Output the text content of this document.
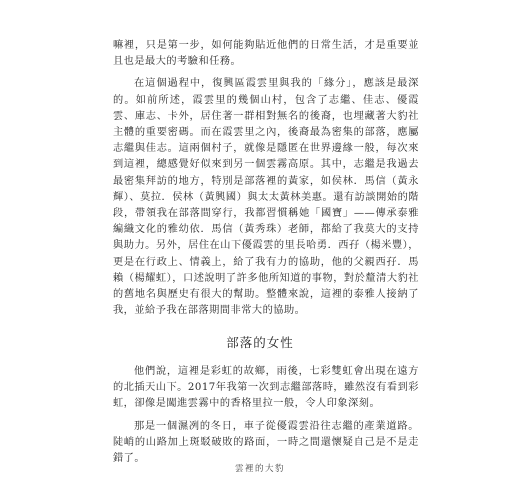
嘛裡，只是第一步，如何能夠貼近他們的日常生活，才是重要並且也是最大的考驗和任務。

在這個過程中，復興區霞雲里與我的「緣分」，應該是最深的。如前所述，霞雲里的幾個山村，包含了志繼、佳志、優霞雲、庫志、卡外，居住著一群相對無名的後裔，也埋藏著大豹社主體的重要密碼。而在霞雲里之內，後裔最為密集的部落，應屬志繼與佳志。這兩個村子，就像是隱匿在世界邊緣一般，每次來到這裡，總感覺好似來到另一個雲霧高原。其中，志繼是我過去最密集拜訪的地方，特別是部落裡的黃家，如侯林．馬信（黃永輝）、莫拉．侯林（黃興國）與太太黃林美惠。還有訪談開始的階段，帶領我在部落間穿行，我都習慣稱她「國寶」——傳承泰雅編織文化的雅幼依．馬信（黃秀珠）老師，都給了我莫大的支持與助力。另外，居住在山下優霞雲的里長哈勇．西孖（楊米豐），更是在行政上、情義上，給了我有力的協助，他的父親西孖．馬賴（楊耀虹），口述說明了許多他所知道的事物，對於釐清大豹社的舊地名與歷史有很大的幫助。整體來說，這裡的泰雅人接納了我，並給予我在部落期間非常大的協助。

部落的女性

他們說，這裡是彩虹的故鄉，雨後，七彩雙虹會出現在遠方的北插天山下。2017年我第一次到志繼部落時，雖然沒有看到彩虹，卻像是闖進雲霧中的香格里拉一般，令人印象深刻。

那是一個濕冽的冬日，車子從優霞雲沿往志繼的產業道路。陡峭的山路加上斑駁破敗的路面，一時之間還懷疑自己是不是走錯了。

雲裡的大豹
